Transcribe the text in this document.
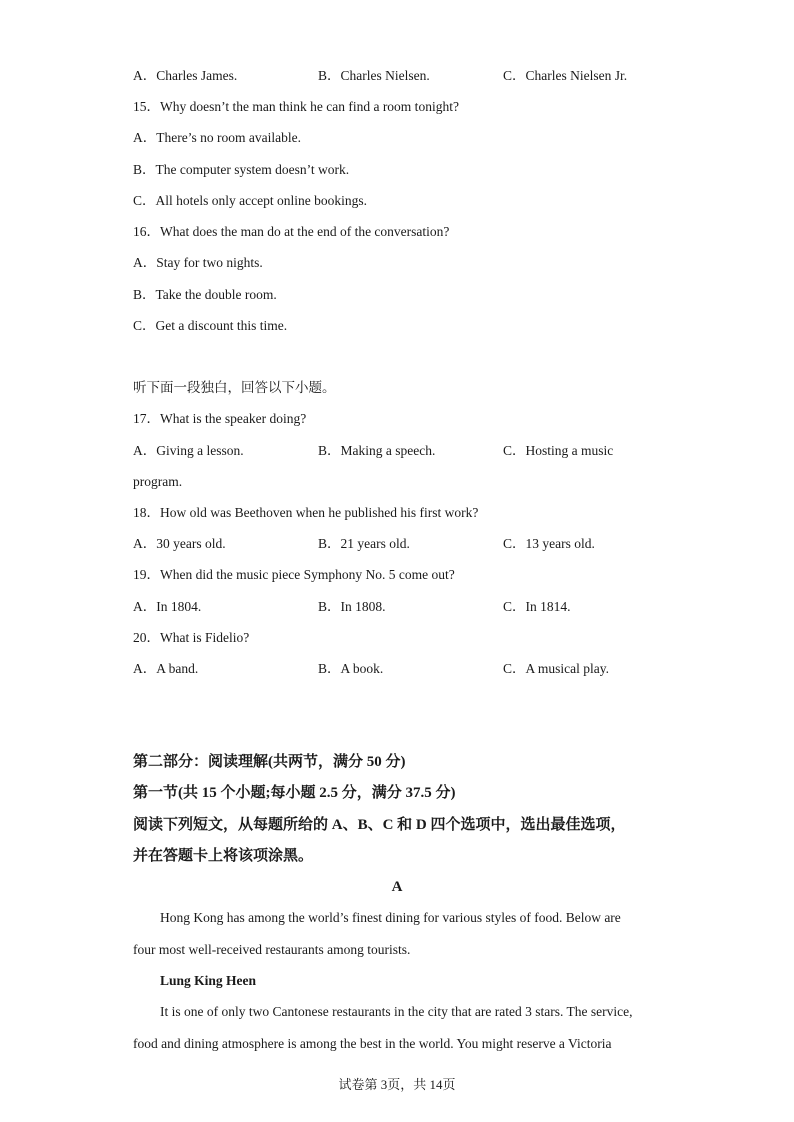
A．Charles James.	B．Charles Nielsen.	C．Charles Nielsen Jr.
15．Why doesn’t the man think he can find a room tonight?
A．There’s no room available.
B．The computer system doesn’t work.
C．All hotels only accept online bookings.
16．What does the man do at the end of the conversation?
A．Stay for two nights.
B．Take the double room.
C．Get a discount this time.
听下面一段独白，回答以下小题。
17．What is the speaker doing?
A．Giving a lesson.	B．Making a speech.	C．Hosting a music
program.
18．How old was Beethoven when he published his first work?
A．30 years old.	B．21 years old.	C．13 years old.
19．When did the music piece Symphony No. 5 come out?
A．In 1804.	B．In 1808.	C．In 1814.
20．What is Fidelio?
A．A band.	B．A book.	C．A musical play.
第二部分：阅读理解(共两节，满分 50 分)
第一节(共 15 个小题;每小题 2.5 分，满分 37.5 分)
阅读下列短文，从每题所给的 A、B、C 和 D 四个选项中，选出最佳选项，
并在答题卡上将该项涂黑。
A
Hong Kong has among the world’s finest dining for various styles of food. Below are
four most well-received restaurants among tourists.
Lung King Heen
It is one of only two Cantonese restaurants in the city that are rated 3 stars. The service,
food and dining atmosphere is among the best in the world. You might reserve a Victoria
试卷第 3页，共 14页
